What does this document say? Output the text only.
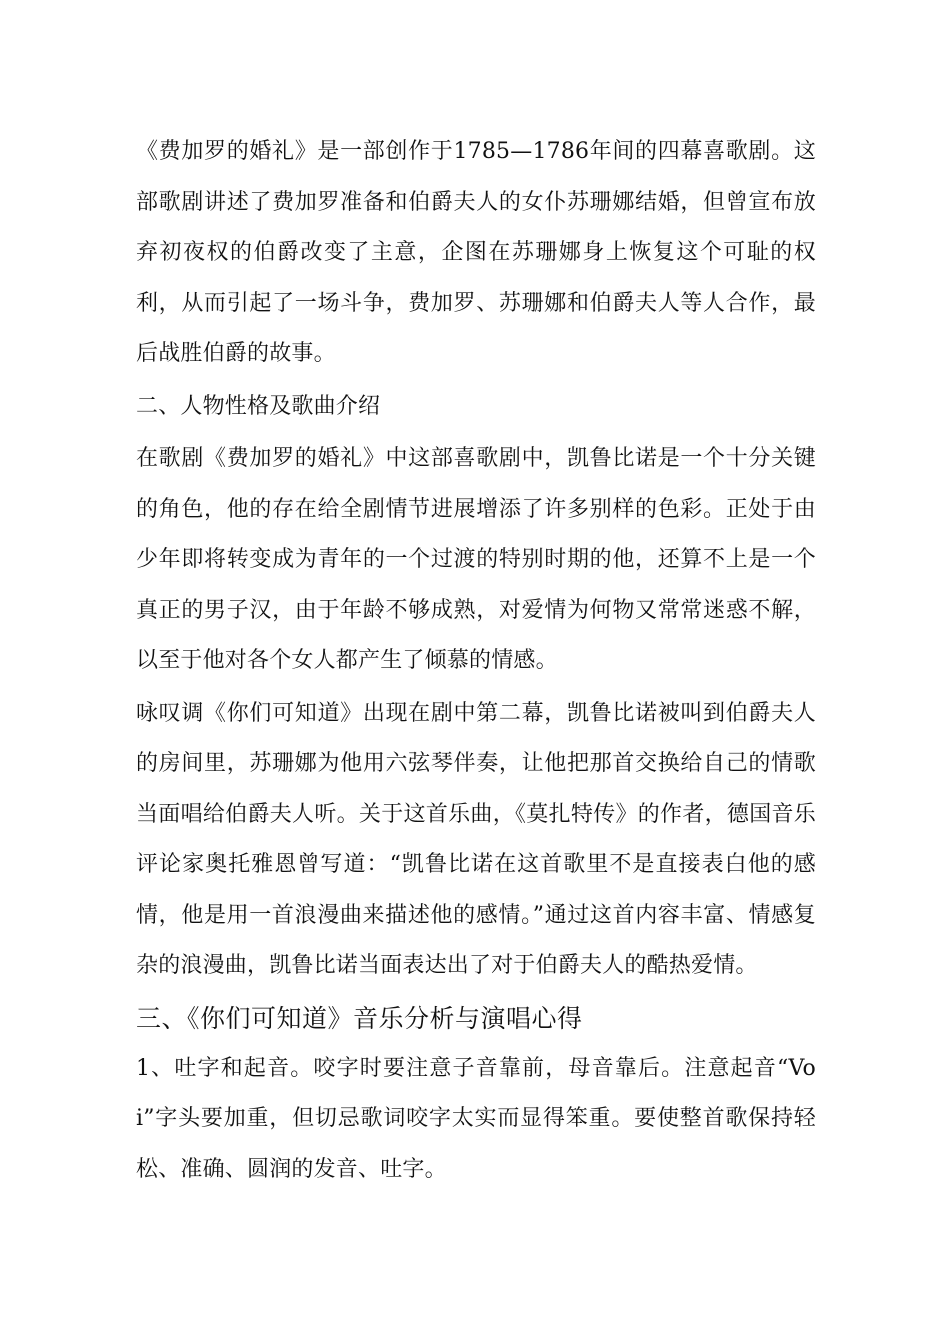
《费加罗的婚礼》是一部创作于1785—1786年间的四幕喜歌剧。这部歌剧讲述了费加罗准备和伯爵夫人的女仆苏珊娜结婚，但曾宣布放弃初夜权的伯爵改变了主意，企图在苏珊娜身上恢复这个可耻的权利，从而引起了一场斗争，费加罗、苏珊娜和伯爵夫人等人合作，最后战胜伯爵的故事。

二、人物性格及歌曲介绍

在歌剧《费加罗的婚礼》中这部喜歌剧中，凯鲁比诺是一个十分关键的角色，他的存在给全剧情节进展增添了许多别样的色彩。正处于由少年即将转变成为青年的一个过渡的特别时期的他，还算不上是一个真正的男子汉，由于年龄不够成熟，对爱情为何物又常常迷惑不解，以至于他对各个女人都产生了倾慕的情感。

咏叹调《你们可知道》出现在剧中第二幕，凯鲁比诺被叫到伯爵夫人的房间里，苏珊娜为他用六弦琴伴奏，让他把那首交换给自己的情歌当面唱给伯爵夫人听。关于这首乐曲，《莫扎特传》的作者，德国音乐评论家奥托雅恩曾写道：“凯鲁比诺在这首歌里不是直接表白他的感情，他是用一首浪漫曲来描述他的感情。”通过这首内容丰富、情感复杂的浪漫曲，凯鲁比诺当面表达出了对于伯爵夫人的酷热爱情。

三、《你们可知道》音乐分析与演唱心得

1、吐字和起音。咬字时要注意子音靠前，母音靠后。注意起音“Voi”字头要加重，但切忌歌词咬字太实而显得笨重。要使整首歌保持轻松、准确、圆润的发音、吐字。
